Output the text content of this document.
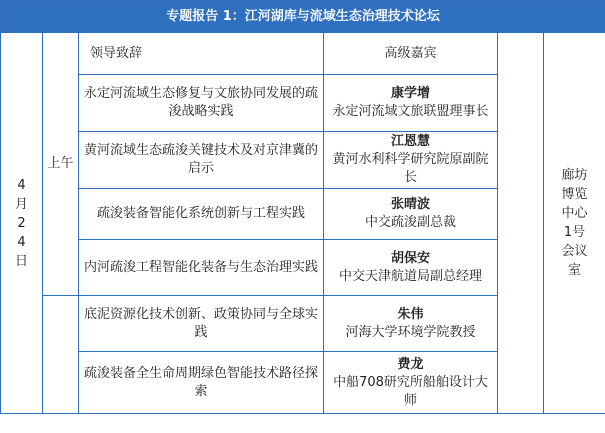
专题报告 1：江河湖库与流域生态治理技术论坛					

4
月
24
日	上午	领导致辞	高级嘉宾		廊坊博览中心1号会议室
		永定河流域生态修复与文旅协同发展的疏浚战略实践	康学增
永定河流域文旅联盟理事长		

		黄河流域生态疏浚关键技术及对京津冀的启示	江恩慧
黄河水利科学研究院原副院长		

		疏浚装备智能化系统创新与工程实践	张晴波
中交疏浚副总裁		

		内河疏浚工程智能化装备与生态治理实践	胡保安
中交天津航道局副总经理		

		底泥资源化技术创新、政策协同与全球实践	朱伟
河海大学环境学院教授		

		疏浚装备全生命周期绿色智能技术路径探索	费龙
中船708研究所船舶设计大师		
